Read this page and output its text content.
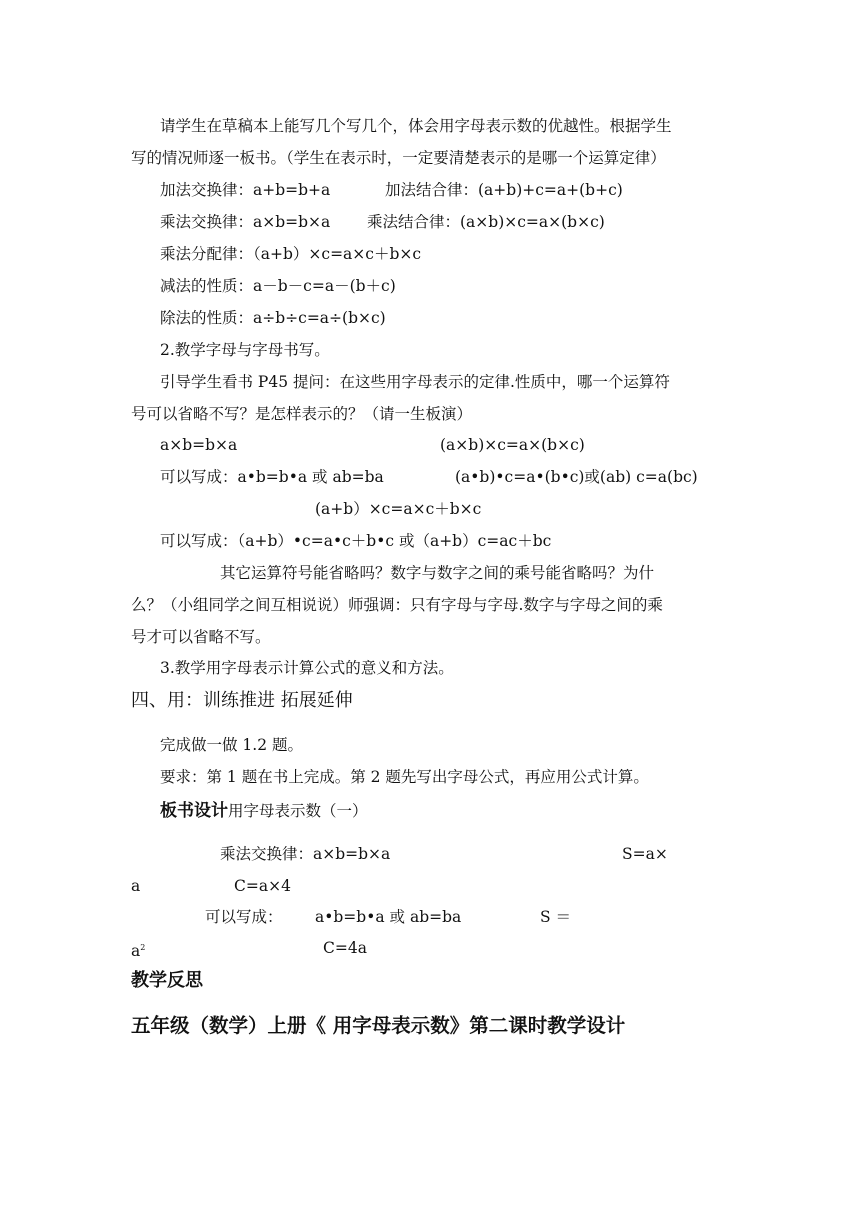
请学生在草稿本上能写几个写几个，体会用字母表示数的优越性。根据学生
写的情况师逐一板书。（学生在表示时，一定要清楚表示的是哪一个运算定律）
加法交换律：a+b=b+a	加法结合律：(a+b)+c=a+(b+c)
乘法交换律：a×b=b×a 乘法结合律：(a×b)×c=a×(b×c)
乘法分配律：（a+b）×c=a×c＋b×c
减法的性质：a－b－c=a－(b＋c)
除法的性质：a÷b÷c=a÷(b×c)
2.教学字母与字母书写。
引导学生看书 P45 提问：在这些用字母表示的定律.性质中，哪一个运算符
号可以省略不写？是怎样表示的？（请一生板演）
a×b=b×a	(a×b)×c=a×(b×c)
可以写成：a•b=b•a 或 ab=ba	(a•b)•c=a•(b•c)或(ab) c=a(bc)
(a+b）×c=a×c＋b×c
可以写成：（a+b）•c=a•c＋b•c 或（a+b）c=ac＋bc
其它运算符号能省略吗？数字与数字之间的乘号能省略吗？为什
么？（小组同学之间互相说说）师强调：只有字母与字母.数字与字母之间的乘
号才可以省略不写。
3.教学用字母表示计算公式的意义和方法。
四、用：训练推进 拓展延伸
完成做一做 1.2 题。
要求：第 1 题在书上完成。第 2 题先写出字母公式，再应用公式计算。
板书设计用字母表示数（一）
乘法交换律：a×b=b×a	S=a×
a	C=a×4
可以写成： a•b=b•a 或 ab=ba	S ＝
$a^2$	C=4a
教学反思
五年级（数学）上册《 用字母表示数》第二课时教学设计
